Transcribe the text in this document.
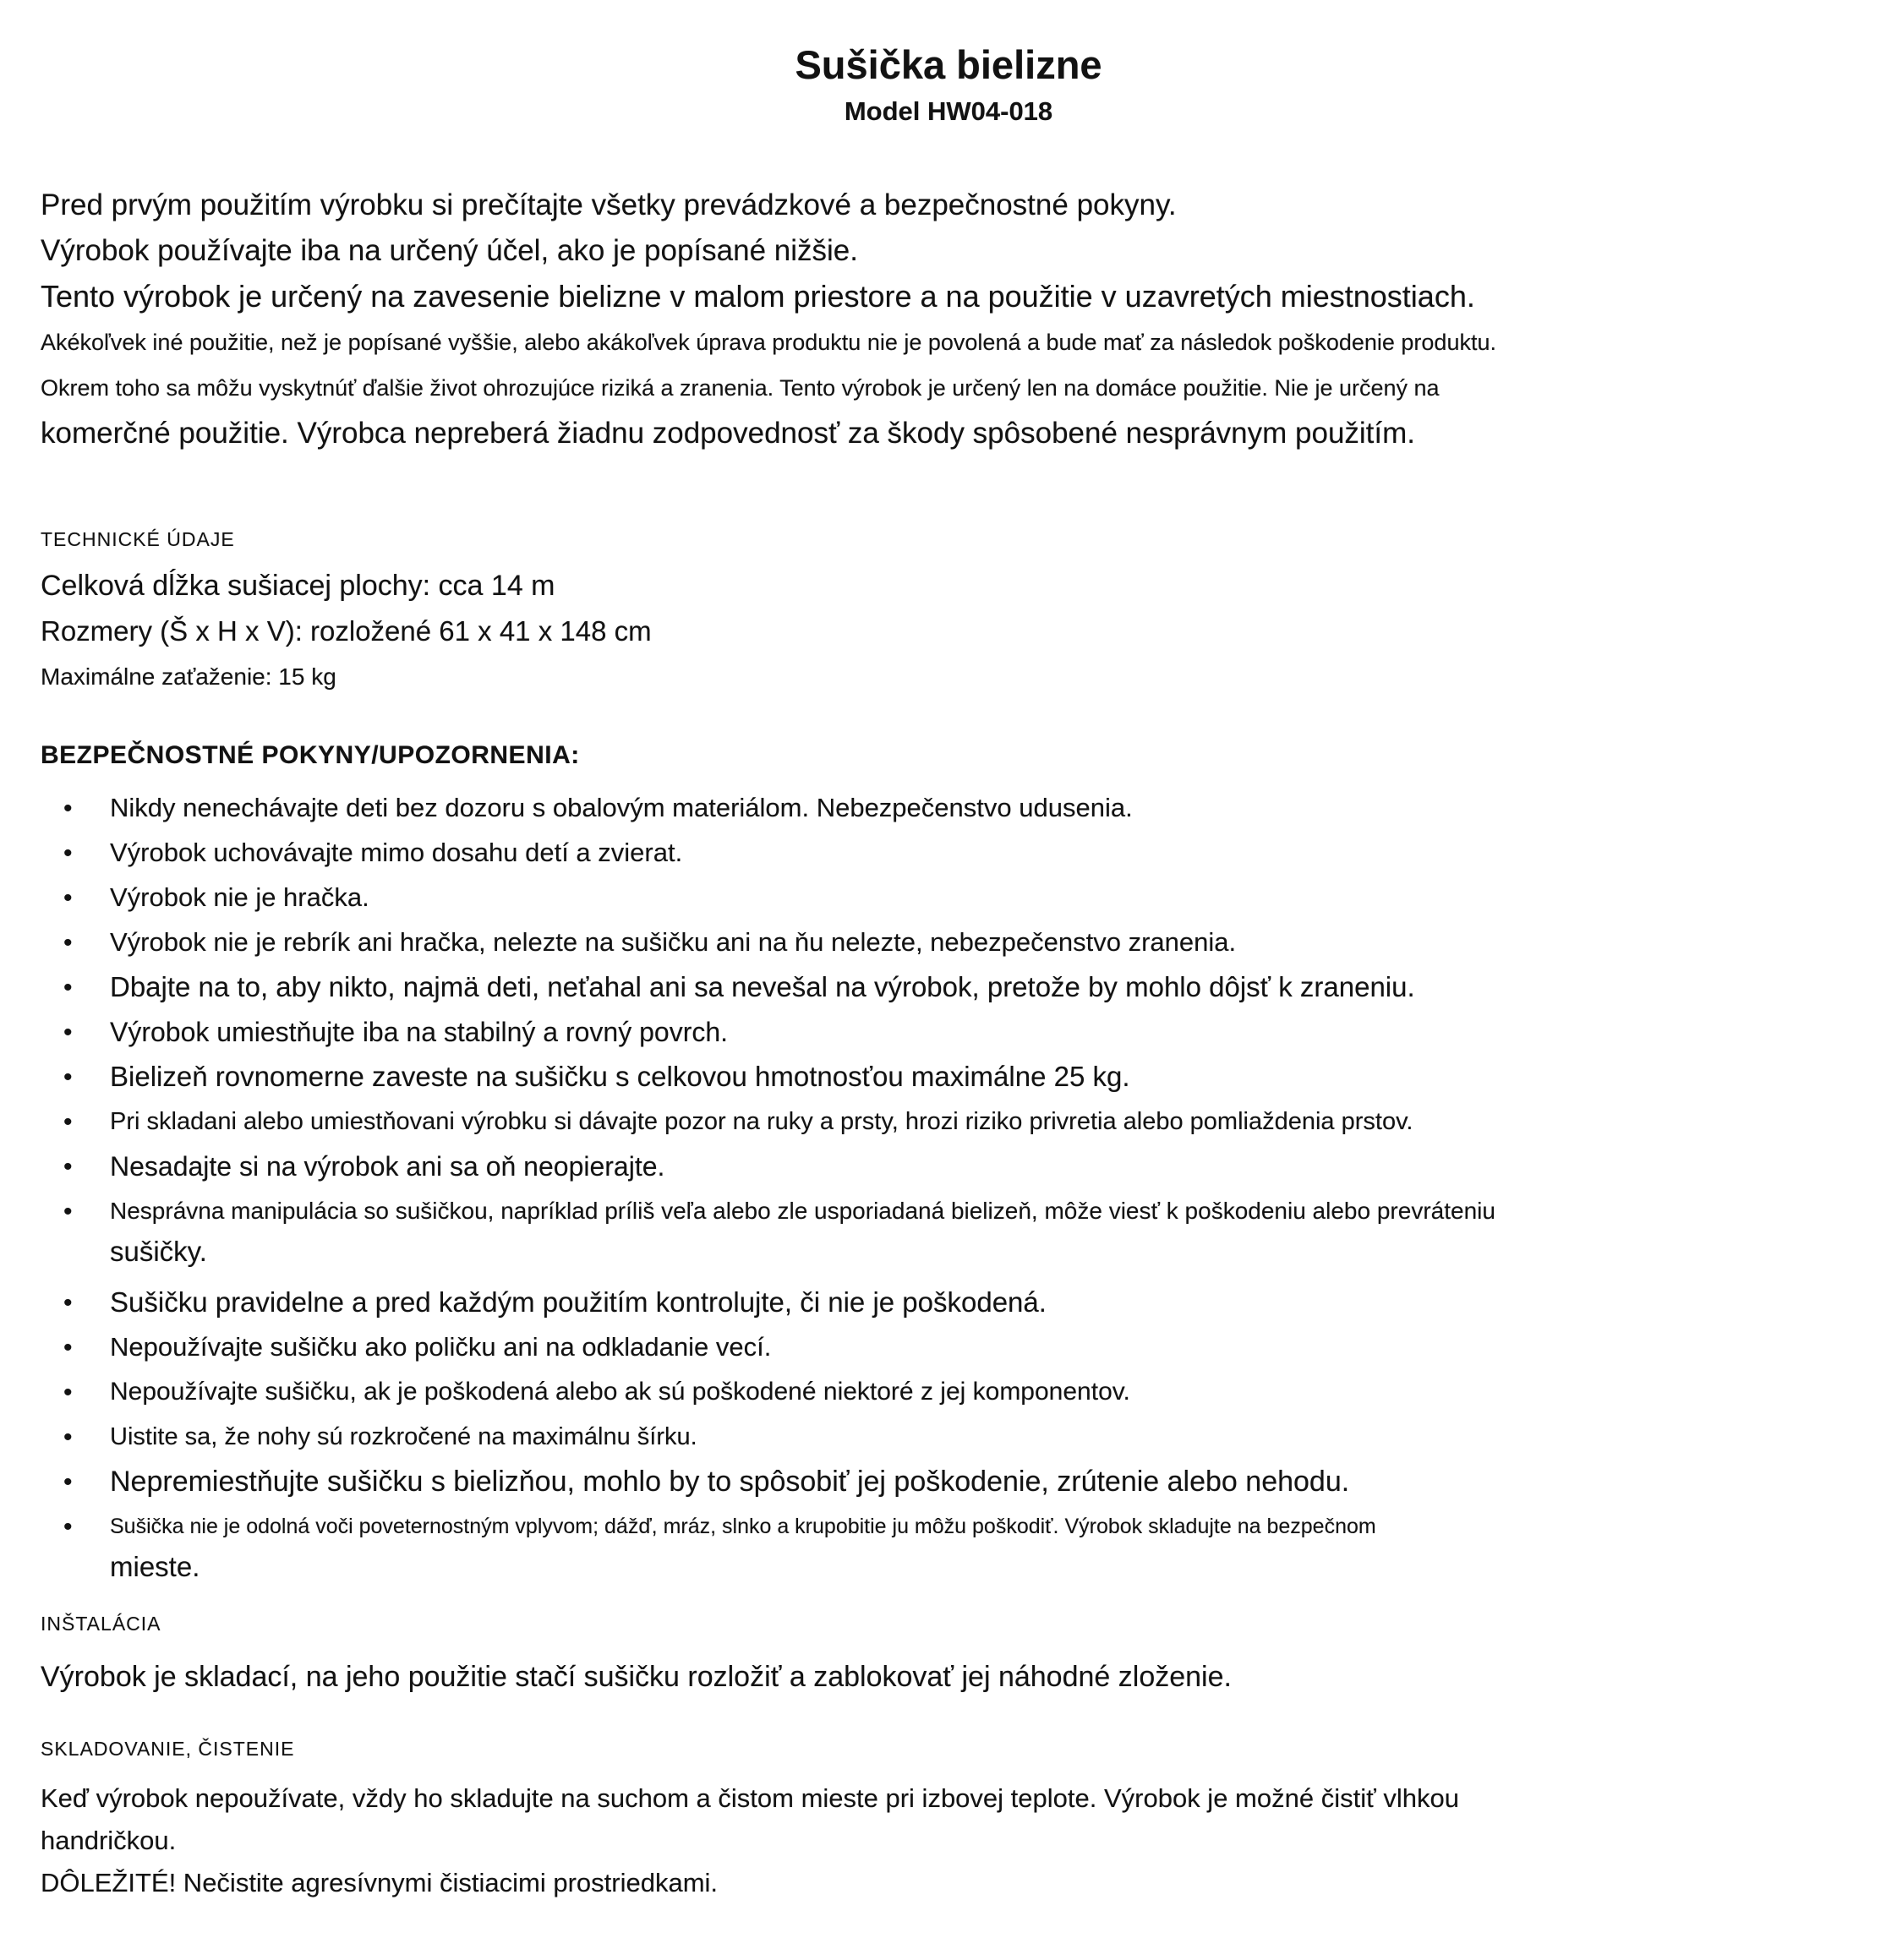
Sušička bielizne
Model HW04-018

Pred prvým použitím výrobku si prečítajte všetky prevádzkové a bezpečnostné pokyny.

Výrobok používajte iba na určený účel, ako je popísané nižšie.

Tento výrobok je určený na zavesenie bielizne v malom priestore a na použitie v uzavretých miestnostiach.

Akékoľvek iné použitie, než je popísané vyššie, alebo akákoľvek úprava produktu nie je povolená a bude mať za následok poškodenie produktu.

Okrem toho sa môžu vyskytnúť ďalšie život ohrozujúce riziká a zranenia. Tento výrobok je určený len na domáce použitie. Nie je určený na

komerčné použitie. Výrobca nepreberá žiadnu zodpovednosť za škody spôsobené nesprávnym použitím.

TECHNICKÉ ÚDAJE

Celková dĺžka sušiacej plochy: cca 14 m

Rozmery (Š x H x V): rozložené 61 x 41 x 148 cm

Maximálne zaťaženie: 15 kg

BEZPEČNOSTNÉ POKYNY/UPOZORNENIA:
• Nikdy nenechávajte deti bez dozoru s obalovým materiálom. Nebezpečenstvo udusenia.
• Výrobok uchovávajte mimo dosahu detí a zvierat.
• Výrobok nie je hračka.
• Výrobok nie je rebrík ani hračka, nelezte na sušičku ani na ňu nelezte, nebezpečenstvo zranenia.
• Dbajte na to, aby nikto, najmä deti, neťahal ani sa nevešal na výrobok, pretože by mohlo dôjsť k zraneniu.
• Výrobok umiestňujte iba na stabilný a rovný povrch.
• Bielizeň rovnomerne zaveste na sušičku s celkovou hmotnosťou maximálne 25 kg.
• Pri skladani alebo umiestňovani výrobku si dávajte pozor na ruky a prsty, hrozi riziko privretia alebo pomliaždenia prstov.
• Nesadajte si na výrobok ani sa oň neopierajte.
• Nesprávna manipulácia so sušičkou, napríklad príliš veľa alebo zle usporiadaná bielizeň, môže viesť k poškodeniu alebo prevráteniu
sušičky.
• Sušičku pravidelne a pred každým použitím kontrolujte, či nie je poškodená.
• Nepoužívajte sušičku ako poličku ani na odkladanie vecí.
• Nepoužívajte sušičku, ak je poškodená alebo ak sú poškodené niektoré z jej komponentov.
• Uistite sa, že nohy sú rozkročené na maximálnu šírku.
• Nepremiestňujte sušičku s bielizňou, mohlo by to spôsobiť jej poškodenie, zrútenie alebo nehodu.
• Sušička nie je odolná voči poveternostným vplyvom; dážď, mráz, slnko a krupobitie ju môžu poškodiť. Výrobok skladujte na bezpečnom
mieste.
INŠTALÁCIA

Výrobok je skladací, na jeho použitie stačí sušičku rozložiť a zablokovať jej náhodné zloženie.

SKLADOVANIE, ČISTENIE

Keď výrobok nepoužívate, vždy ho skladujte na suchom a čistom mieste pri izbovej teplote. Výrobok je možné čistiť vlhkou

handričkou.

DÔLEŽITÉ! Nečistite agresívnymi čistiacimi prostriedkami.
